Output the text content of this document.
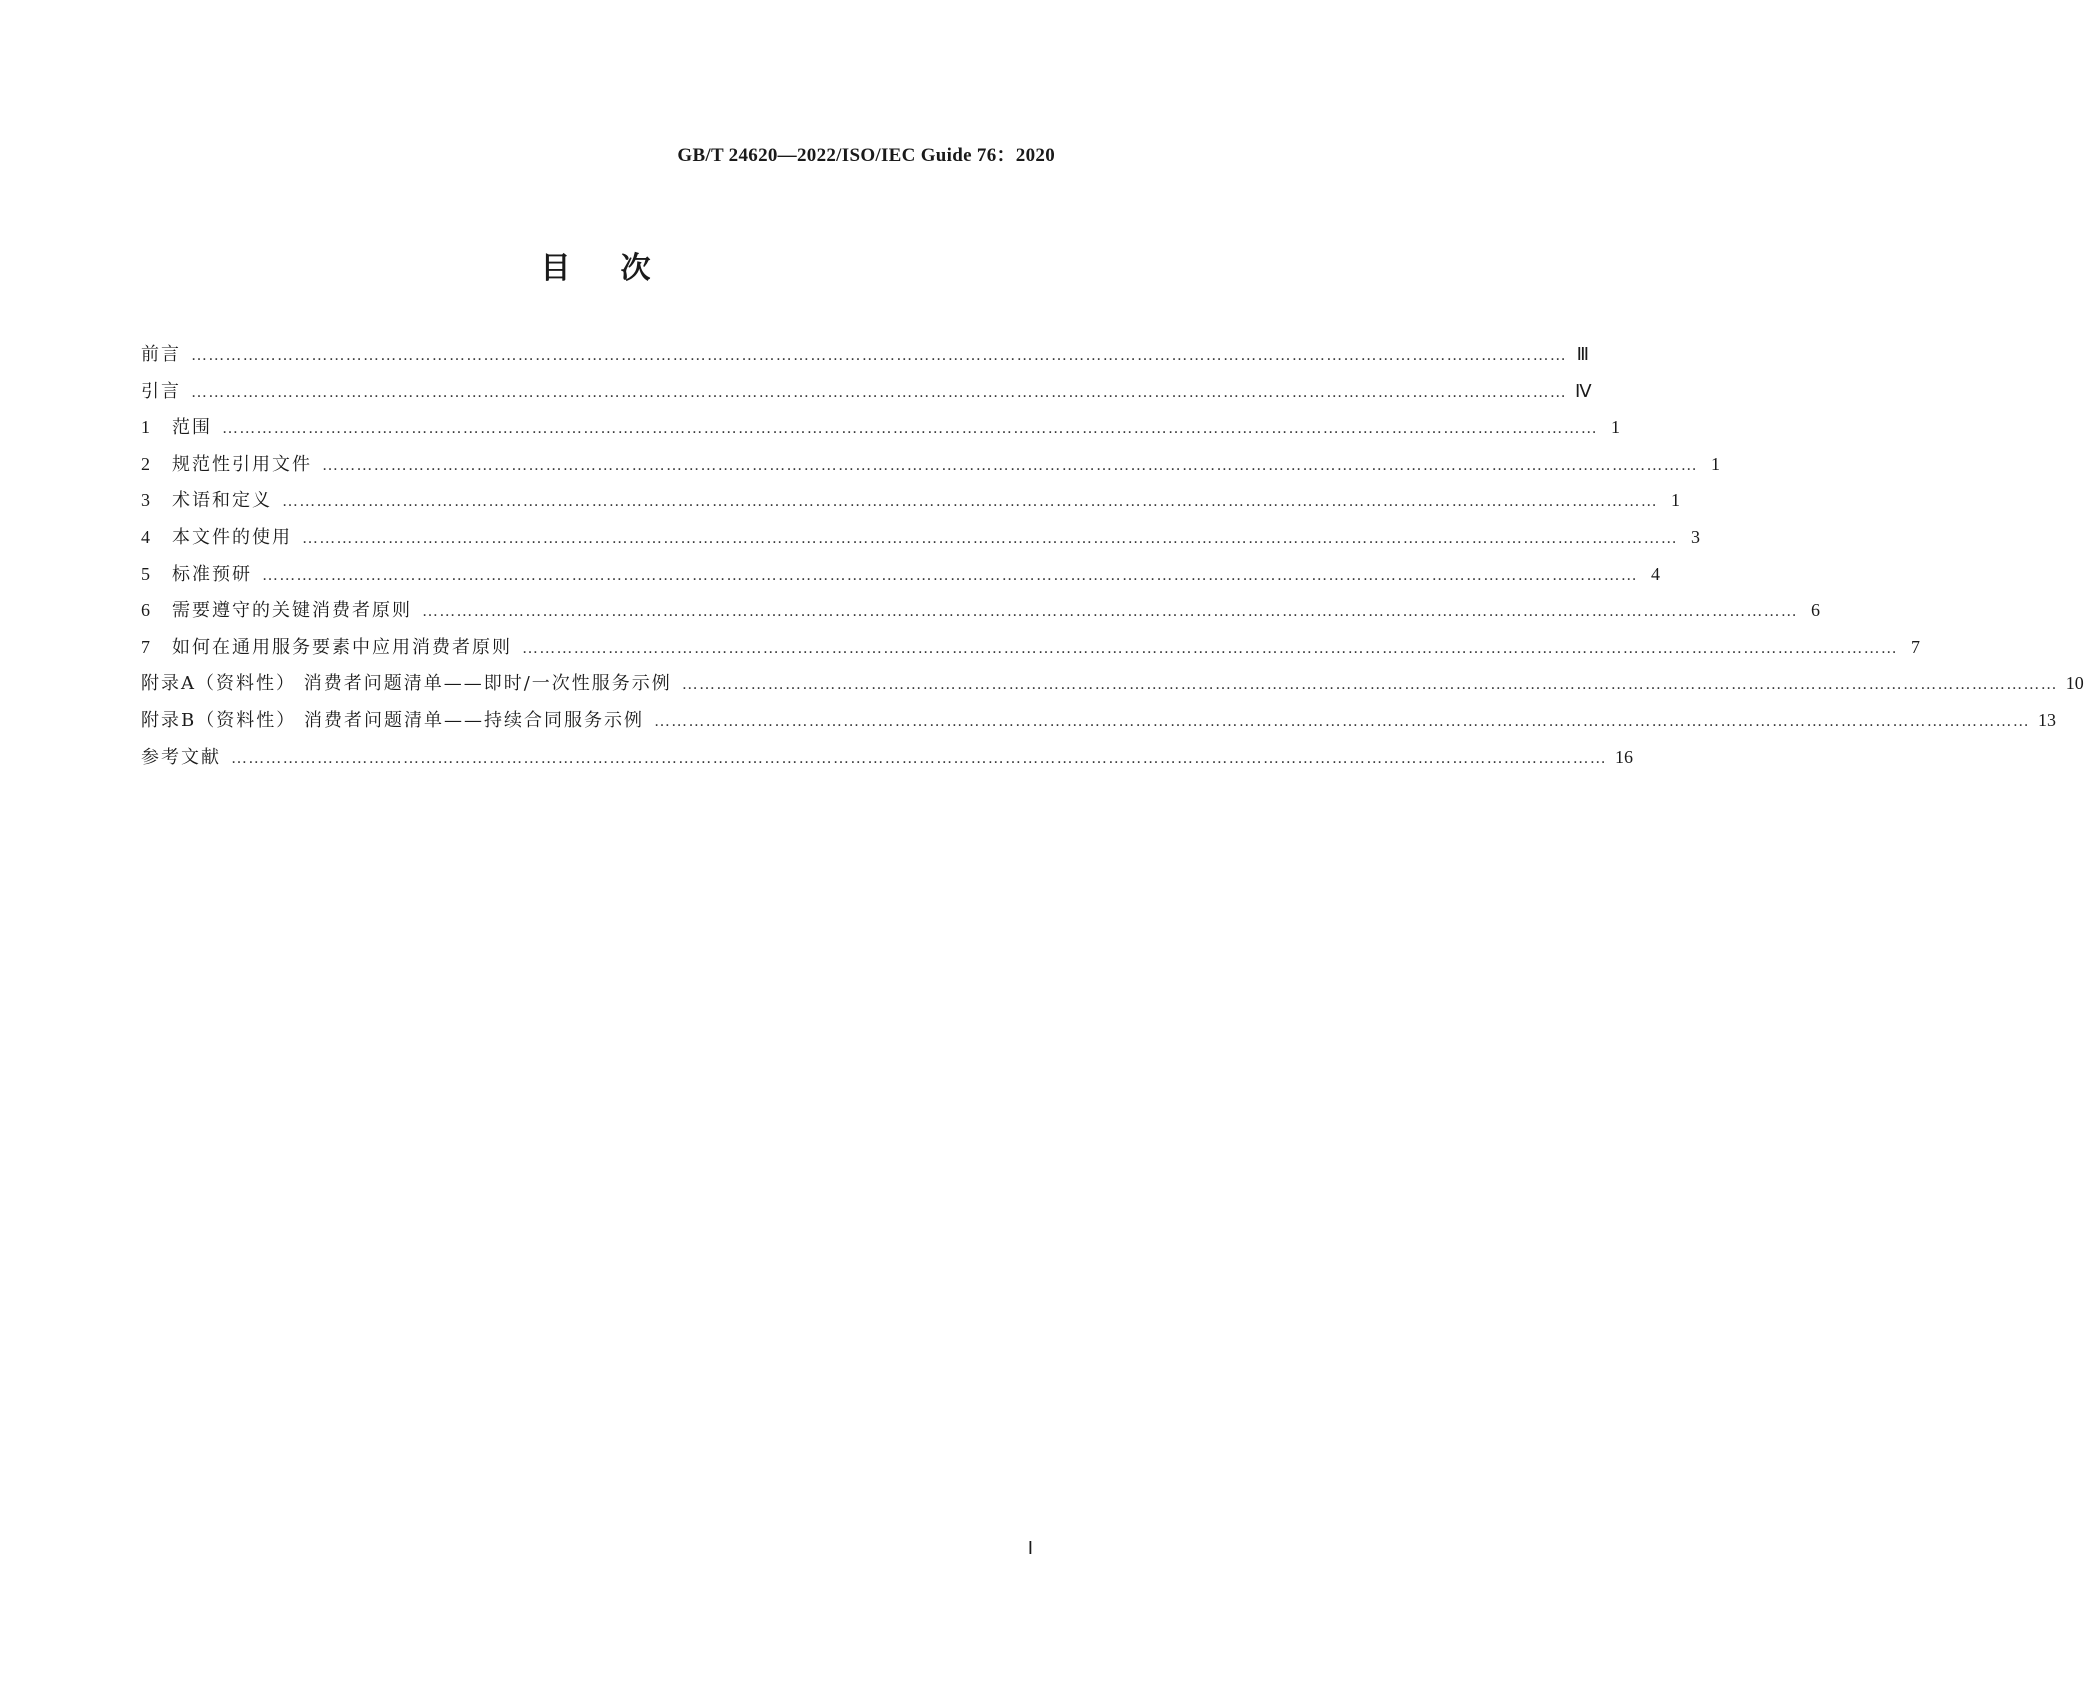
GB/T 24620—2022/ISO/IEC Guide 76：2020
目次
前言 …………………………………………………………………………………………………………………………………………………………………………………………………………………… Ⅲ
引言 …………………………………………………………………………………………………………………………………………………………………………………………………………………… Ⅳ
1	范围 …………………………………………………………………………………………………………………………………………………………………………………………………………………… 1
2	规范性引用文件 …………………………………………………………………………………………………………………………………………………………………………………………………………………… 1
3	术语和定义 …………………………………………………………………………………………………………………………………………………………………………………………………………………… 1
4	本文件的使用 …………………………………………………………………………………………………………………………………………………………………………………………………………………… 3
5	标准预研 …………………………………………………………………………………………………………………………………………………………………………………………………………………… 4
6	需要遵守的关键消费者原则 …………………………………………………………………………………………………………………………………………………………………………………………………………………… 6
7	如何在通用服务要素中应用消费者原则 …………………………………………………………………………………………………………………………………………………………………………………………………………………… 7
附录A（资料性） 消费者问题清单——即时/一次性服务示例 …………………………………………………………………………………………………………………………………………………………………………………………………………………… 10
附录B（资料性） 消费者问题清单——持续合同服务示例 …………………………………………………………………………………………………………………………………………………………………………………………………………………… 13
参考文献 …………………………………………………………………………………………………………………………………………………………………………………………………………………… 16
Ⅰ
